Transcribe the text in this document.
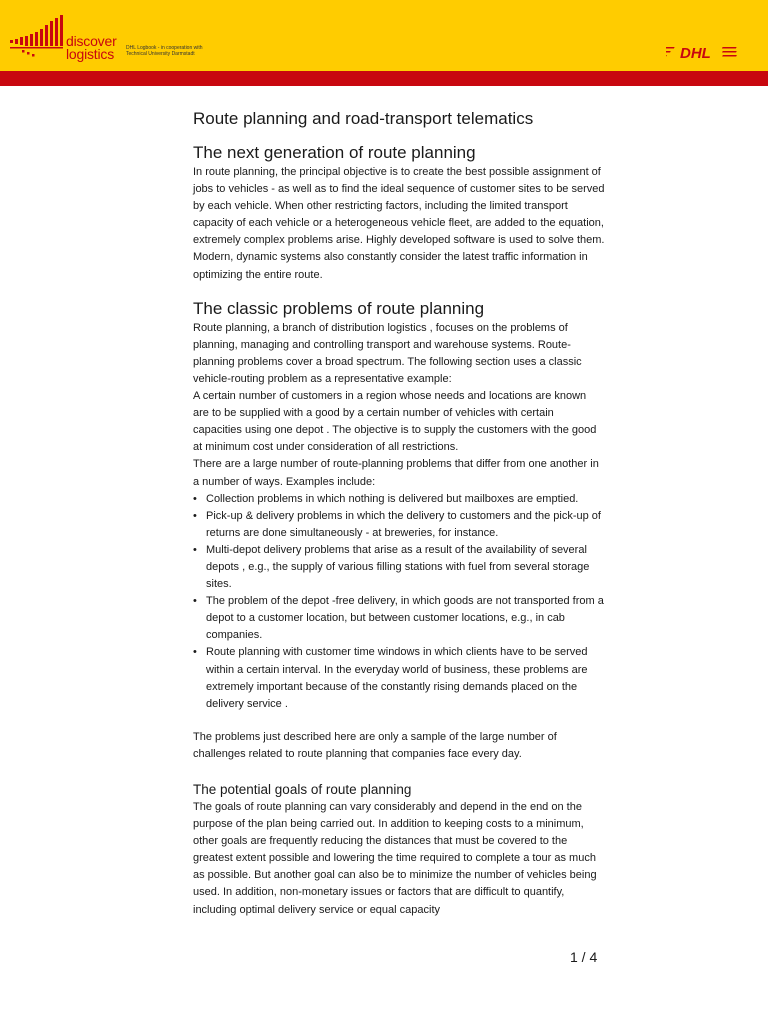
discover
logistics	DHL Logbook - in cooperation with
Technical University Darmstadt	DHL
Route planning and road-transport telematics
The next generation of route planning

In route planning, the principal objective is to create the best possible assignment of jobs to vehicles - as well as to find the ideal sequence of customer sites to be served by each vehicle. When other restricting factors, including the limited transport capacity of each vehicle or a heterogeneous vehicle fleet, are added to the equation, extremely complex problems arise. Highly developed software is used to solve them. Modern, dynamic systems also constantly consider the latest traffic information in optimizing the entire route.

The classic problems of route planning

Route planning, a branch of distribution logistics , focuses on the problems of planning, managing and controlling transport and warehouse systems. Route-planning problems cover a broad spectrum. The following section uses a classic vehicle-routing problem as a representative example:

A certain number of customers in a region whose needs and locations are known are to be supplied with a good by a certain number of vehicles with certain capacities using one depot . The objective is to supply the customers with the good at minimum cost under consideration of all restrictions.

There are a large number of route-planning problems that differ from one another in a number of ways. Examples include:

• Collection problems in which nothing is delivered but mailboxes are emptied.
• Pick-up & delivery problems in which the delivery to customers and the pick-up of returns are done simultaneously - at breweries, for instance.
• Multi-depot delivery problems that arise as a result of the availability of several depots , e.g., the supply of various filling stations with fuel from several storage sites.
• The problem of the depot -free delivery, in which goods are not transported from a depot to a customer location, but between customer locations, e.g., in cab companies.
• Route planning with customer time windows in which clients have to be served within a certain interval. In the everyday world of business, these problems are extremely important because of the constantly rising demands placed on the delivery service .

The problems just described here are only a sample of the large number of challenges related to route planning that companies face every day.

The potential goals of route planning

The goals of route planning can vary considerably and depend in the end on the purpose of the plan being carried out. In addition to keeping costs to a minimum, other goals are frequently reducing the distances that must be covered to the greatest extent possible and lowering the time required to complete a tour as much as possible. But another goal can also be to minimize the number of vehicles being used. In addition, non-monetary issues or factors that are difficult to quantify, including optimal delivery service or equal capacity

1 / 4
